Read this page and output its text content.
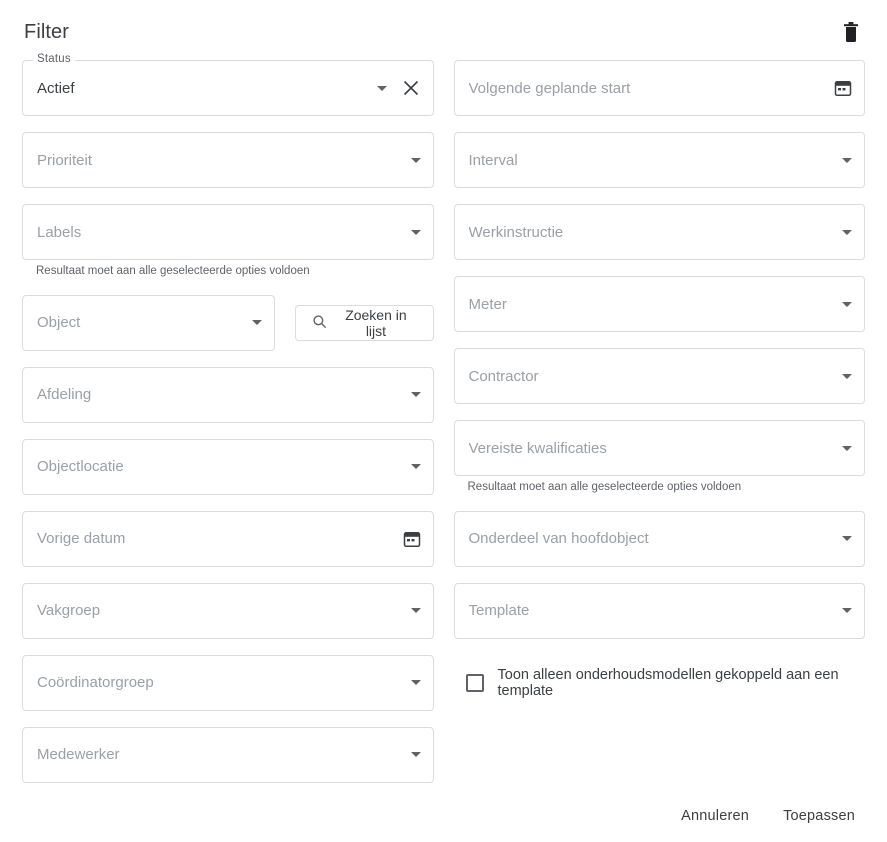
Filter
Status
Actief
Prioriteit
Labels
Resultaat moet aan alle geselecteerde opties voldoen
Object	Zoeken in lijst
Afdeling
Objectlocatie
Vorige datum
Vakgroep
Coördinatorgroep
Medewerker
Volgende geplande start
Interval
Werkinstructie
Meter
Contractor
Vereiste kwalificaties
Resultaat moet aan alle geselecteerde opties voldoen
Onderdeel van hoofdobject
Template
Toon alleen onderhoudsmodellen gekoppeld aan een template
Annuleren	Toepassen
